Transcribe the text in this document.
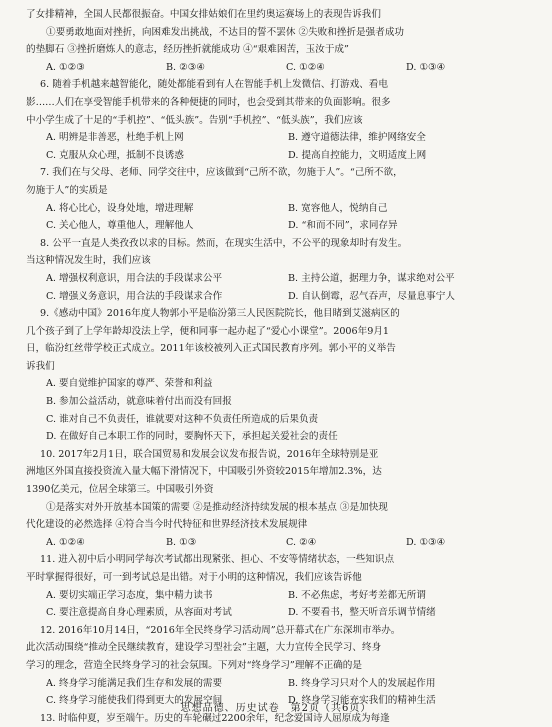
了女排精神，全国人民都很振奋。中国女排姑娘们在里约奥运赛场上的表现告诉我们
①要勇敢地面对挫折，向困难发出挑战，不达目的誓不罢休 ②失败和挫折是强者成功
的垫脚石 ③挫折磨炼人的意志，经历挫折就能成功 ④“艰难困苦，玉汝于成”
A. ①②③	B. ②③④	C. ①②④	D. ①③④
6. 随着手机越来越智能化，随处都能看到有人在智能手机上发微信、打游戏、看电
影……人们在享受智能手机带来的各种便捷的同时，也会受到其带来的负面影响。很多
中小学生成了十足的“手机控”、“低头族”。告别“手机控”、“低头族”，我们应该
A. 明辨是非善恶，杜绝手机上网	B. 遵守道德法律，维护网络安全
C. 克服从众心理，抵制不良诱惑	D. 提高自控能力，文明适度上网
7. 我们在与父母、老师、同学交往中，应该做到“己所不欲，勿施于人”。“己所不欲，
勿施于人”的实质是
A. 将心比心，设身处地，增进理解	B. 宽容他人，悦纳自己
C. 关心他人，尊重他人，理解他人	D. “和而不同”，求同存异
8. 公平一直是人类孜孜以求的目标。然而，在现实生活中，不公平的现象却时有发生。
当这种情况发生时，我们应该
A. 增强权利意识，用合法的手段谋求公平	B. 主持公道，据理力争，谋求绝对公平
C. 增强义务意识，用合法的手段谋求合作	D. 自认倒霉，忍气吞声，尽量息事宁人
9.《感动中国》2016年度人物郭小平是临汾第三人民医院院长，他目睹到艾滋病区的
几个孩子到了上学年龄却没法上学，便和同事一起办起了“爱心小课堂”。2006年9月1
日，临汾红丝带学校正式成立。2011年该校被列入正式国民教育序列。郭小平的义举告
诉我们
A. 要自觉维护国家的尊严、荣誉和利益
B. 参加公益活动，就意味着付出而没有回报
C. 谁对自己不负责任，谁就要对这种不负责任所造成的后果负责
D. 在做好自己本职工作的同时，要胸怀天下，承担起关爱社会的责任
10. 2017年2月1日，联合国贸易和发展会议发布报告说，2016年全球特别是亚
洲地区外国直接投资流入量大幅下滑情况下，中国吸引外资较2015年增加2.3%，达
1390亿美元，位居全球第三。中国吸引外资
①是落实对外开放基本国策的需要 ②是推动经济持续发展的根本基点 ③是加快现
代化建设的必然选择 ④符合当今时代特征和世界经济技术发展规律
A. ①②④	B. ①③	C. ②④	D. ①③④
11. 进入初中后小明同学每次考试都出现紧张、担心、不安等情绪状态，一些知识点
平时掌握得很好，可一到考试总是出错。对于小明的这种情况，我们应该告诉他
A. 要切实端正学习态度，集中精力读书	B. 不必焦虑，考好考差都无所谓
C. 要注意提高自身心理素质，从容面对考试	D. 不要看书，整天听音乐调节情绪
12. 2016年10月14日，“2016年全民终身学习活动周”总开幕式在广东深圳市举办。
此次活动围绕“推动全民继续教育，建设学习型社会”主题，大力宣传全民学习、终身
学习的理念，营造全民终身学习的社会氛围。下列对“终身学习”理解不正确的是
A. 终身学习能满足我们生存和发展的需要	B. 终身学习只对个人的发展起作用
C. 终身学习能使我们得到更大的发展空间	D. 终身学习能充实我们的精神生活
13. 时临仲夏，岁至端午。历史的车轮碾过2200余年，纪念爱国诗人屈原成为每逢
思想品德、历史试卷　第2页（共6页）
